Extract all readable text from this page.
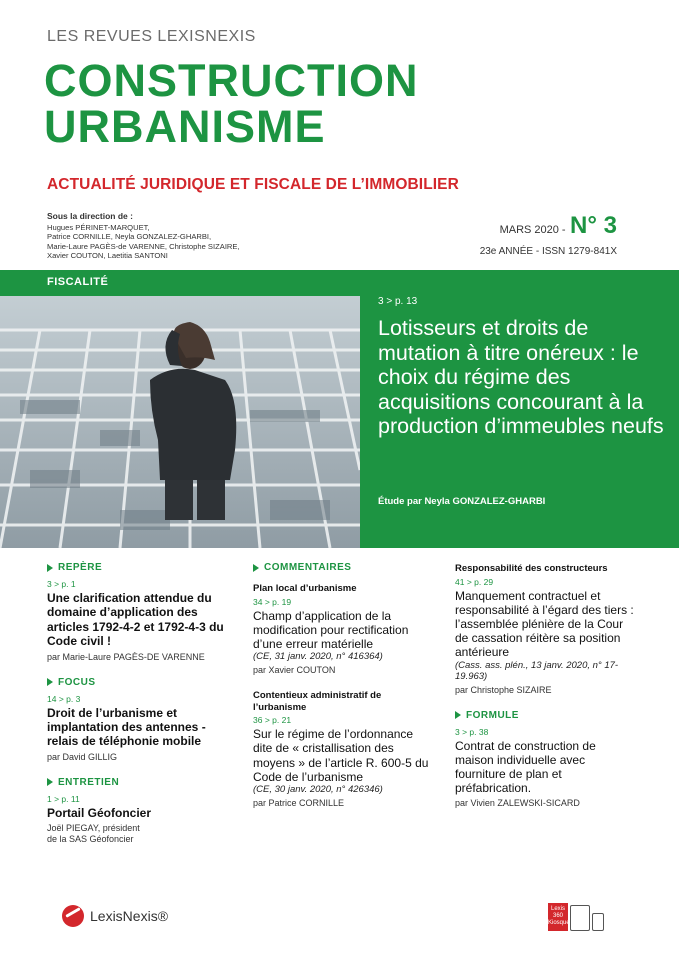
LES REVUES LEXISNEXIS
CONSTRUCTION
URBANISME
ACTUALITÉ JURIDIQUE ET FISCALE DE L’IMMOBILIER
Sous la direction de :
Hugues PÉRINET-MARQUET,
Patrice CORNILLE, Neyla GONZALEZ-GHARBI,
Marie-Laure PAGÈS-de VARENNE, Christophe SIZAIRE,
Xavier COUTON, Laetitia SANTONI
MARS 2020 - N° 3
23e ANNÉE - ISSN 1279-841X
FISCALITÉ
3 > p. 13
Lotisseurs et droits de mutation à titre onéreux : le choix du régime des acquisitions concourant à la production d’immeubles neufs
Étude par Neyla GONZALEZ-GHARBI
REPÈRE
3 > p. 1
Une clarification attendue du domaine d’application des articles 1792-4-2 et 1792-4-3 du Code civil !
par Marie-Laure PAGÈS-DE VARENNE
FOCUS
14 > p. 3
Droit de l’urbanisme et implantation des antennes - relais de téléphonie mobile
par David GILLIG
ENTRETIEN
1 > p. 11
Portail Géofoncier
Joël PIEGAY, président
de la SAS Géofoncier
COMMENTAIRES
Plan local d’urbanisme
34 > p. 19
Champ d’application de la modification pour rectification d’une erreur matérielle
(CE, 31 janv. 2020, n° 416364)
par Xavier COUTON
Contentieux administratif de l’urbanisme
36 > p. 21
Sur le régime de l’ordonnance dite de « cristallisation des moyens » de l’article R. 600-5 du Code de l’urbanisme
(CE, 30 janv. 2020, n° 426346)
par Patrice CORNILLE
Responsabilité des constructeurs
41 > p. 29
Manquement contractuel et responsabilité à l’égard des tiers : l’assemblée plénière de la Cour de cassation réitère sa position antérieure
(Cass. ass. plén., 13 janv. 2020, n° 17-19.963)
par Christophe SIZAIRE
FORMULE
3 > p. 38
Contrat de construction de maison individuelle avec fourniture de plan et préfabrication.
par Vivien ZALEWSKI-SICARD
LexisNexis®	Lexis
360
Kiosque
